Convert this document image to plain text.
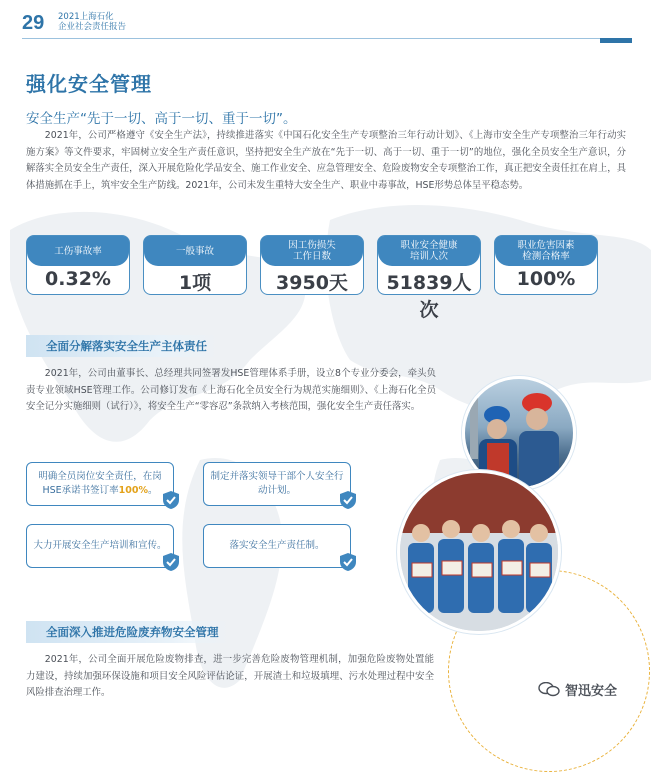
29 2021上海石化
企业社会责任报告
强化安全管理
安全生产“先于一切、高于一切、重于一切”。
2021年，公司严格遵守《安全生产法》，持续推进落实《中国石化安全生产专项整治三年行动计划》、《上海市安全生产专项整治三年行动实施方案》等文件要求，牢固树立安全生产责任意识，坚持把安全生产放在“先于一切、高于一切、重于一切”的地位，强化全员安全生产意识，分解落实全员安全生产责任，深入开展危险化学品安全、施工作业安全、应急管理安全、危险废物安全专项整治工作，真正把安全责任扛在肩上，具体措施抓在手上，筑牢安全生产防线。2021年，公司未发生重特大安全生产、职业中毒事故，HSE形势总体呈平稳态势。
工伤事故率
0.32%
一般事故
1项
因工伤损失
工作日数
3950天
职业安全健康
培训人次
51839人次
职业危害因素
检测合格率
100%
全面分解落实安全生产主体责任
2021年，公司由董事长、总经理共同签署发HSE管理体系手册，设立8个专业分委会，牵头负责专业领域HSE管理工作。公司修订发布《上海石化全员安全行为规范实施细则》、《上海石化全员安全记分实施细则（试行）》，将安全生产“零容忍”条款纳入考核范围，强化安全生产责任落实。
明确全员岗位安全责任，在岗HSE承诺书签订率100%。
制定并落实领导干部个人安全行动计划。
大力开展安全生产培训和宣传。	落实安全生产责任制。
全面深入推进危险废弃物安全管理
2021年，公司全面开展危险废物排查，进一步完善危险废物管理机制，加强危险废物处置能力建设，持续加强环保设施和项目安全风险评估论证，开展渣土和垃圾填埋、污水处理过程中安全风险排查治理工作。	智迅安全
